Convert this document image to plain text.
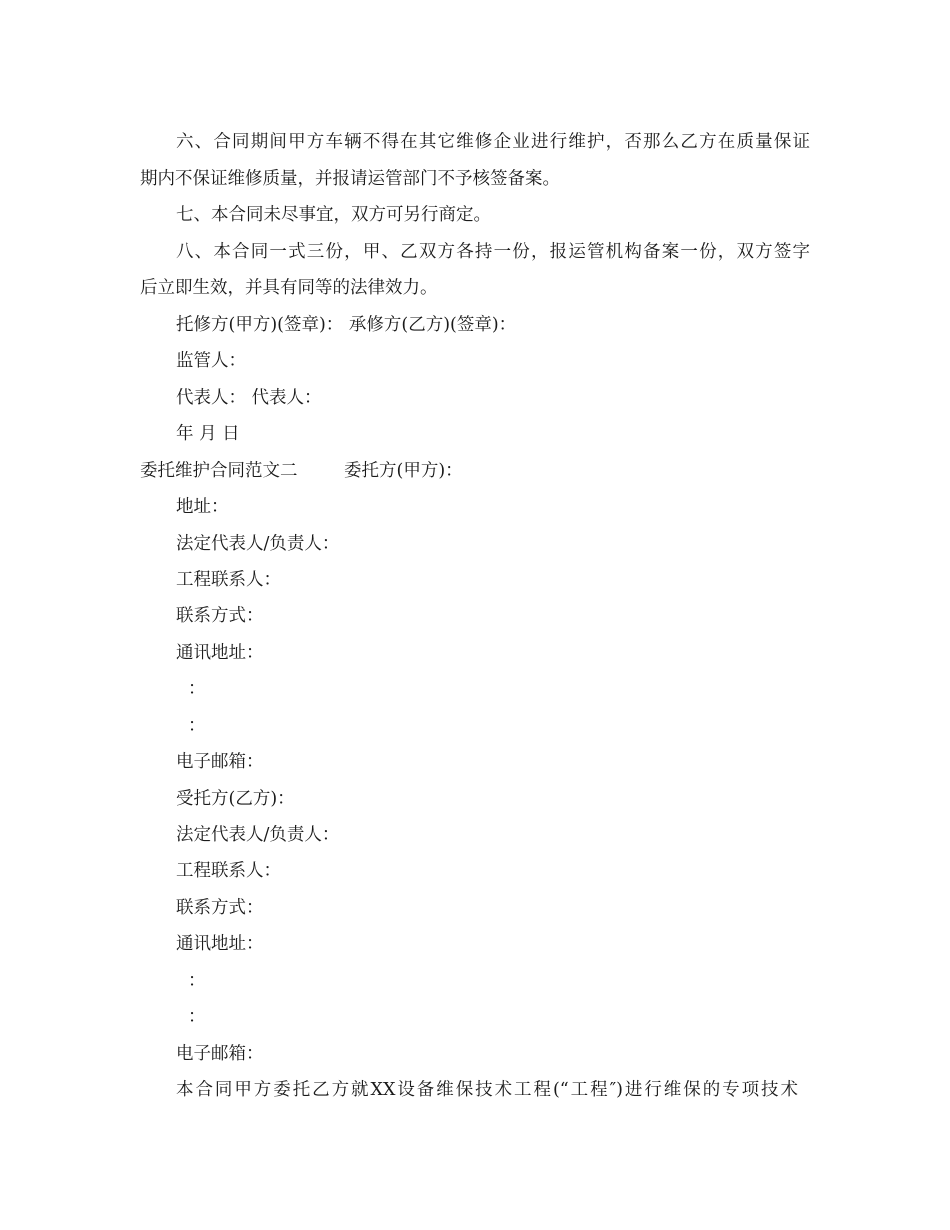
六、合同期间甲方车辆不得在其它维修企业进行维护，否那么乙方在质量保证
期内不保证维修质量，并报请运管部门不予核签备案。
七、本合同未尽事宜，双方可另行商定。
八、本合同一式三份，甲、乙双方各持一份，报运管机构备案一份，双方签字
后立即生效，并具有同等的法律效力。
托修方(甲方)(签章)： 承修方(乙方)(签章)：
监管人：
代表人： 代表人：
年 月 日
委托维护合同范文二	委托方(甲方)：
地址：
法定代表人/负责人：
工程联系人：
联系方式：
通讯地址：
：
：
电子邮箱：
受托方(乙方)：
法定代表人/负责人：
工程联系人：
联系方式：
通讯地址：
：
：
电子邮箱：
本合同甲方委托乙方就XX设备维保技术工程(“工程″)进行维保的专项技术
